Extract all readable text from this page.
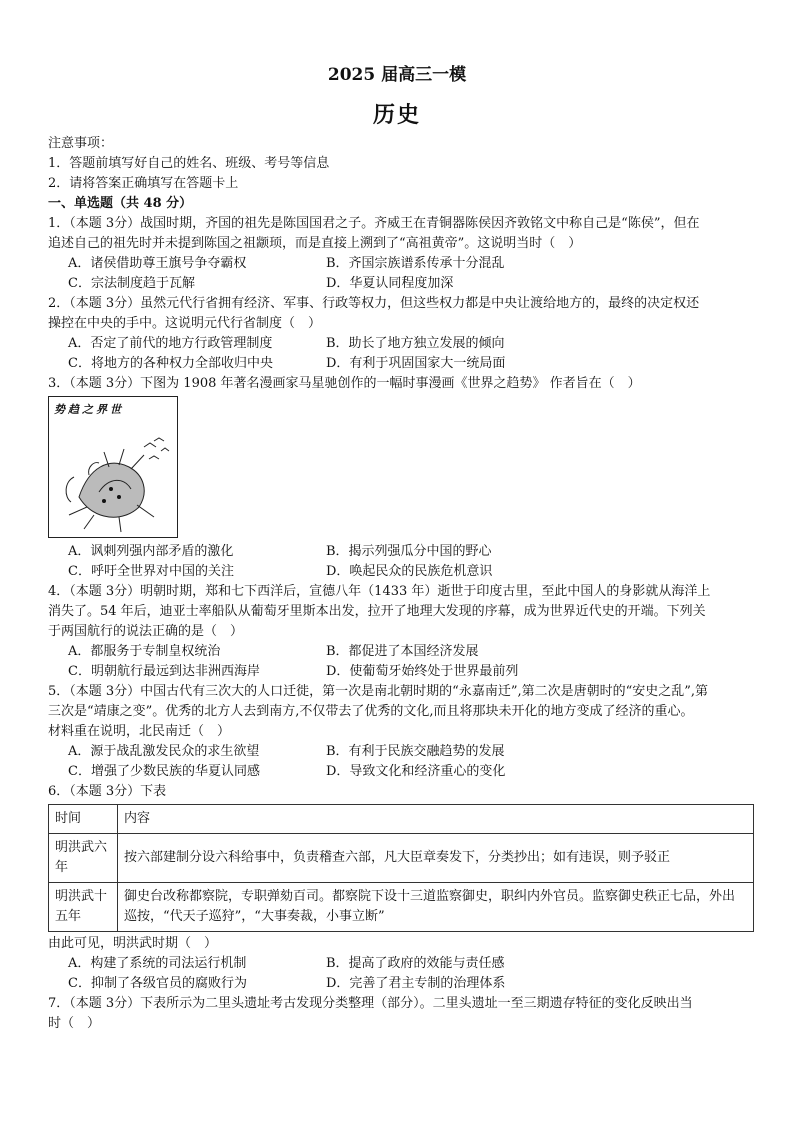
2025 届高三一模
历史
注意事项：
1．答题前填写好自己的姓名、班级、考号等信息
2．请将答案正确填写在答题卡上
一、单选题（共 48 分）
1．（本题 3分）战国时期，齐国的祖先是陈国国君之子。齐威王在青铜器陈侯因齐敦铭文中称自己是“陈侯”，但在
追述自己的祖先时并未提到陈国之祖颛顼，而是直接上溯到了“高祖黄帝”。这说明当时（　）
A．诸侯借助尊王旗号争夺霸权	B．齐国宗族谱系传承十分混乱
C．宗法制度趋于瓦解	D．华夏认同程度加深
2．（本题 3分）虽然元代行省拥有经济、军事、行政等权力，但这些权力都是中央让渡给地方的，最终的决定权还
操控在中央的手中。这说明元代行省制度（　）
A．否定了前代的地方行政管理制度	B．助长了地方独立发展的倾向
C．将地方的各种权力全部收归中央	D．有利于巩固国家大一统局面
3．（本题 3分）下图为 1908 年著名漫画家马星驰创作的一幅时事漫画《世界之趋势》 作者旨在（　）
势趋之界世
A．讽刺列强内部矛盾的激化	B．揭示列强瓜分中国的野心
C．呼吁全世界对中国的关注	D．唤起民众的民族危机意识
4．（本题 3分）明朝时期，郑和七下西洋后，宣德八年（1433 年）逝世于印度古里，至此中国人的身影就从海洋上
消失了。54 年后，迪亚士率船队从葡萄牙里斯本出发，拉开了地理大发现的序幕，成为世界近代史的开端。下列关
于两国航行的说法正确的是（　）
A．都服务于专制皇权统治	B．都促进了本国经济发展
C．明朝航行最远到达非洲西海岸	D．使葡萄牙始终处于世界最前列
5．（本题 3分）中国古代有三次大的人口迁徙，第一次是南北朝时期的“永嘉南迁”,第二次是唐朝时的“安史之乱”,第
三次是“靖康之变”。优秀的北方人去到南方,不仅带去了优秀的文化,而且将那块未开化的地方变成了经济的重心。
材料重在说明，北民南迁（　）
A．源于战乱激发民众的求生欲望	B．有利于民族交融趋势的发展
C．增强了少数民族的华夏认同感	D．导致文化和经济重心的变化
6．（本题 3分）下表
时间	内容
明洪武六年	按六部建制分设六科给事中，负责稽查六部，凡大臣章奏发下，分类抄出；如有违误，则予驳正
明洪武十五年	御史台改称都察院，专职弹劾百司。都察院下设十三道监察御史，职纠内外官员。监察御史秩正七品，外出巡按，“代天子巡狩”，“大事奏裁，小事立断”
由此可见，明洪武时期（　）
A．构建了系统的司法运行机制	B．提高了政府的效能与责任感
C．抑制了各级官员的腐败行为	D．完善了君主专制的治理体系
7．（本题 3分）下表所示为二里头遗址考古发现分类整理（部分）。二里头遗址一至三期遗存特征的变化反映出当
时（　）
